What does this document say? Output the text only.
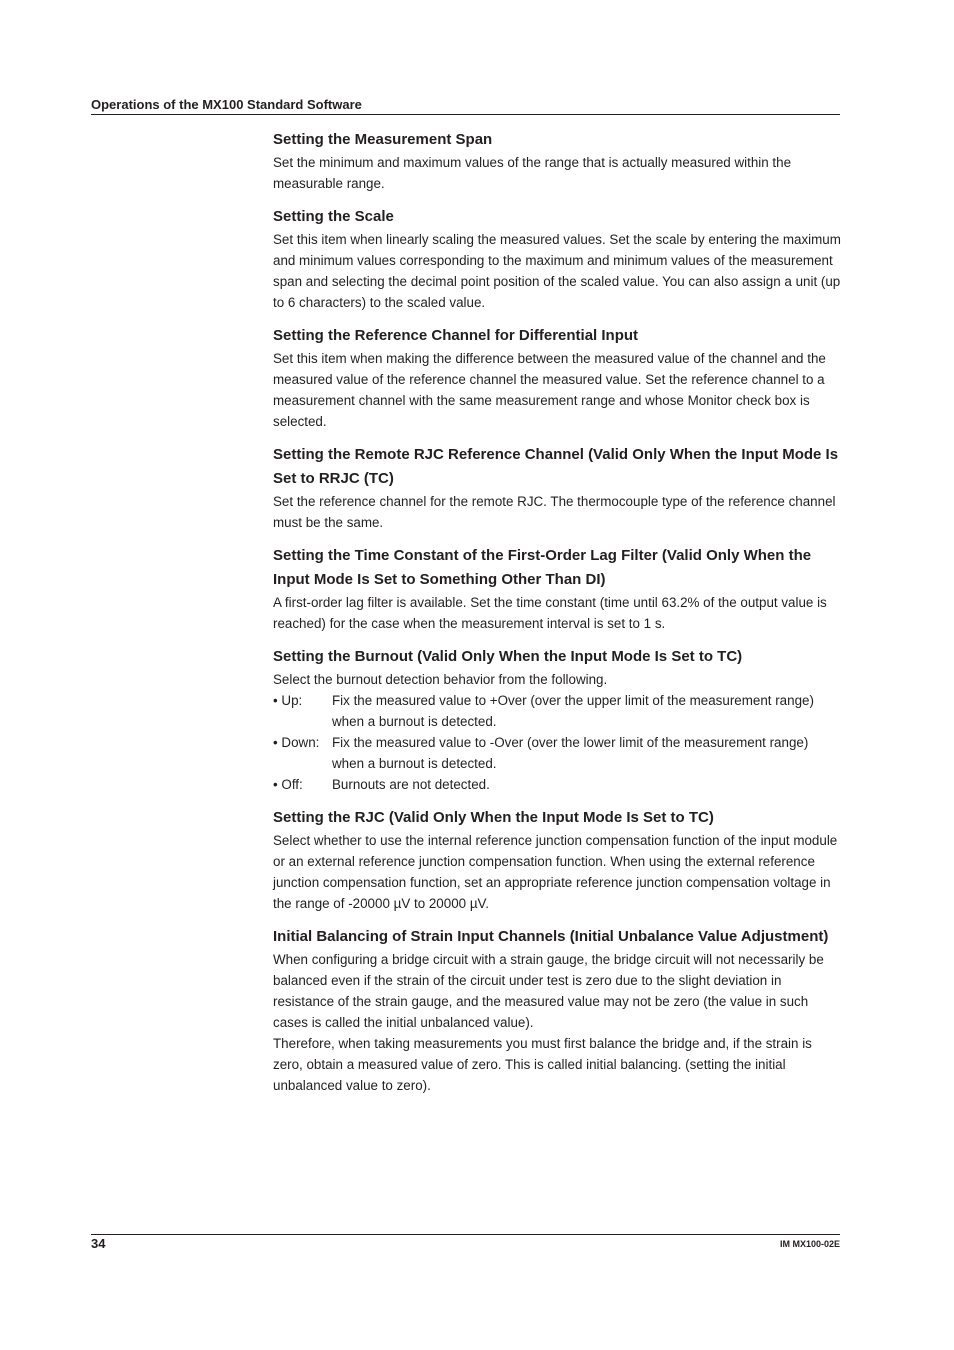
Operations of the MX100 Standard Software
Setting the Measurement Span

Set the minimum and maximum values of the range that is actually measured within the measurable range.

Setting the Scale

Set this item when linearly scaling the measured values. Set the scale by entering the maximum and minimum values corresponding to the maximum and minimum values of the measurement span and selecting the decimal point position of the scaled value. You can also assign a unit (up to 6 characters) to the scaled value.

Setting the Reference Channel for Differential Input

Set this item when making the difference between the measured value of the channel and the measured value of the reference channel the measured value. Set the reference channel to a measurement channel with the same measurement range and whose Monitor check box is selected.

Setting the Remote RJC Reference Channel (Valid Only When the Input Mode Is Set to RRJC (TC)

Set the reference channel for the remote RJC. The thermocouple type of the reference channel must be the same.

Setting the Time Constant of the First-Order Lag Filter (Valid Only When the Input Mode Is Set to Something Other Than DI)

A first-order lag filter is available. Set the time constant (time until 63.2% of the output value is reached) for the case when the measurement interval is set to 1 s.

Setting the Burnout (Valid Only When the Input Mode Is Set to TC)

Select the burnout detection behavior from the following.

• Up:	Fix the measured value to +Over (over the upper limit of the measurement range) when a burnout is detected.
• Down: Fix the measured value to -Over (over the lower limit of the measurement range) when a burnout is detected.
• Off:	Burnouts are not detected.
Setting the RJC (Valid Only When the Input Mode Is Set to TC)

Select whether to use the internal reference junction compensation function of the input module or an external reference junction compensation function. When using the external reference junction compensation function, set an appropriate reference junction compensation voltage in the range of -20000 µV to 20000 µV.

Initial Balancing of Strain Input Channels (Initial Unbalance Value Adjustment)

When configuring a bridge circuit with a strain gauge, the bridge circuit will not necessarily be balanced even if the strain of the circuit under test is zero due to the slight deviation in resistance of the strain gauge, and the measured value may not be zero (the value in such cases is called the initial unbalanced value).

Therefore, when taking measurements you must first balance the bridge and, if the strain is zero, obtain a measured value of zero. This is called initial balancing. (setting the initial unbalanced value to zero).

34	IM MX100-02E
